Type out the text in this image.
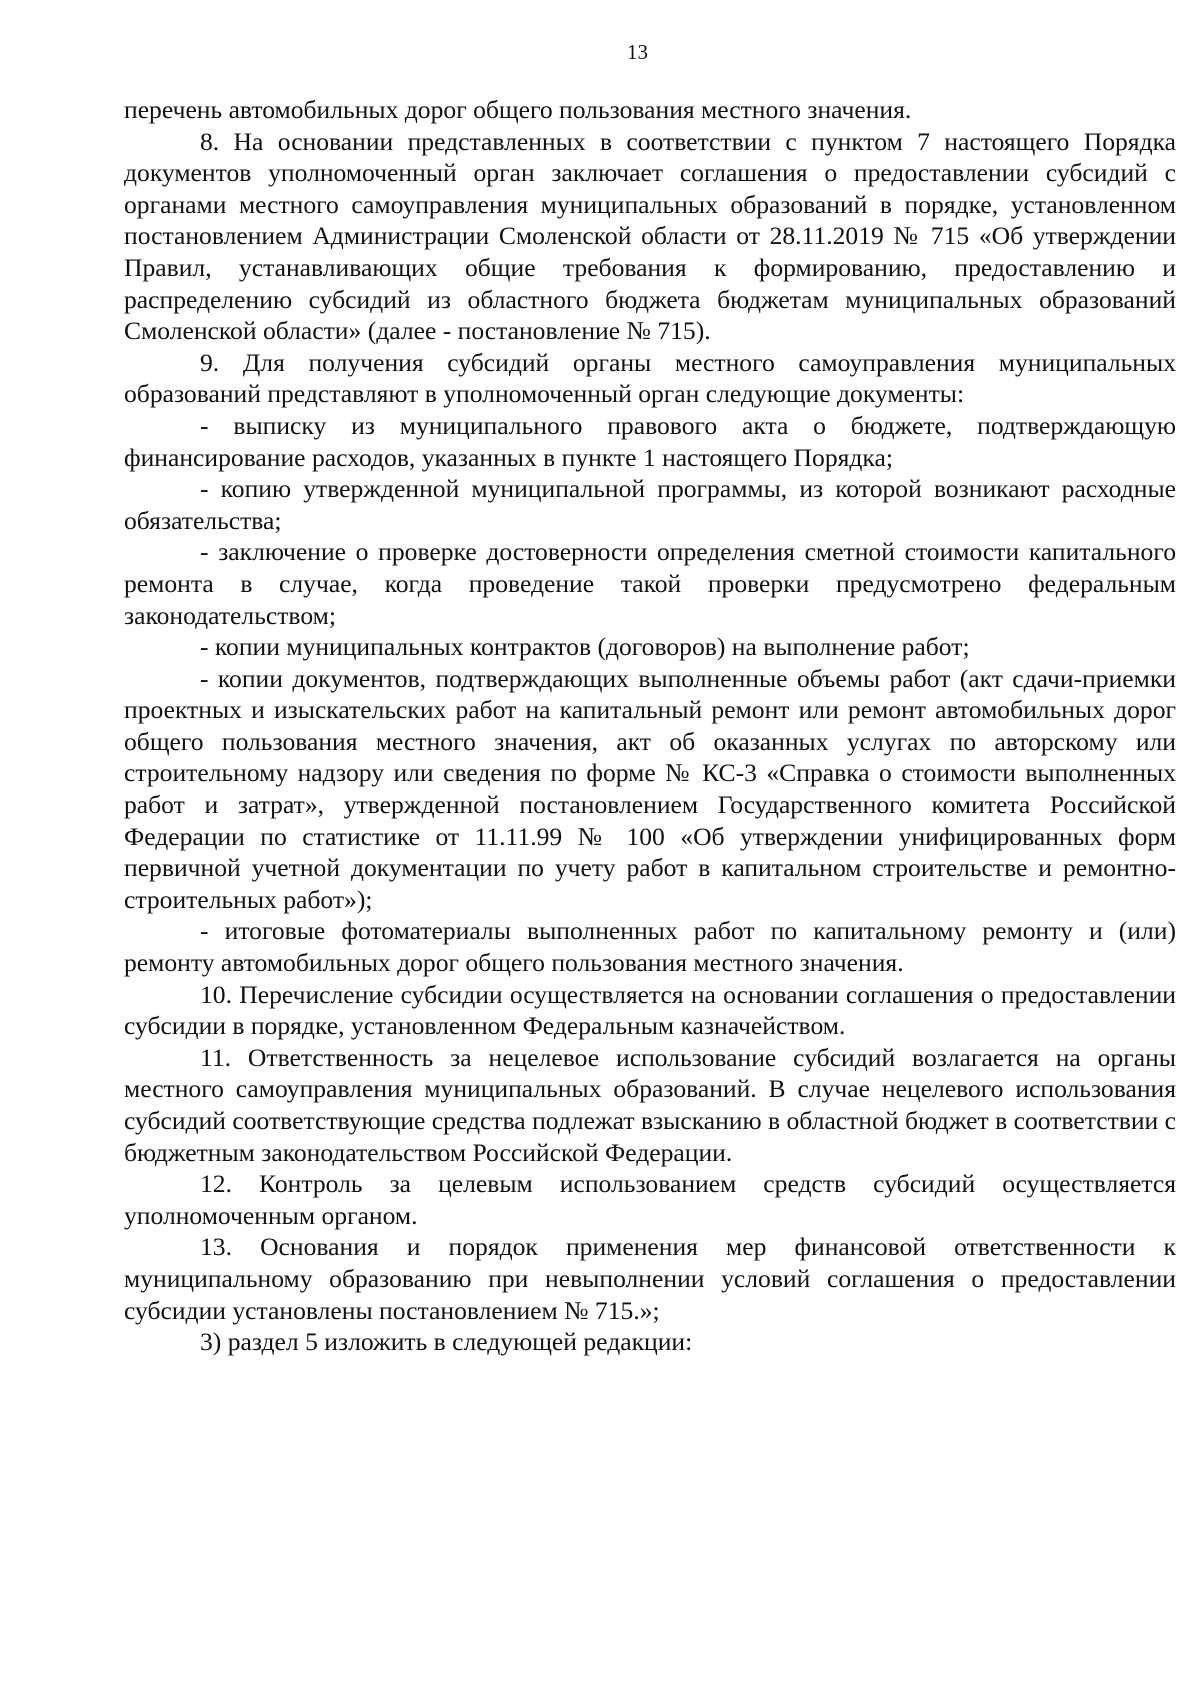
13

перечень автомобильных дорог общего пользования местного значения.

8. На основании представленных в соответствии с пунктом 7 настоящего Порядка документов уполномоченный орган заключает соглашения о предоставлении субсидий с органами местного самоуправления муниципальных образований в порядке, установленном постановлением Администрации Смоленской области от 28.11.2019 № 715 «Об утверждении Правил, устанавливающих общие требования к формированию, предоставлению и распределению субсидий из областного бюджета бюджетам муниципальных образований Смоленской области» (далее - постановление № 715).

9. Для получения субсидий органы местного самоуправления муниципальных образований представляют в уполномоченный орган следующие документы:

- выписку из муниципального правового акта о бюджете, подтверждающую финансирование расходов, указанных в пункте 1 настоящего Порядка;

- копию утвержденной муниципальной программы, из которой возникают расходные обязательства;

- заключение о проверке достоверности определения сметной стоимости капитального ремонта в случае, когда проведение такой проверки предусмотрено федеральным законодательством;

- копии муниципальных контрактов (договоров) на выполнение работ;

- копии документов, подтверждающих выполненные объемы работ (акт сдачи-приемки проектных и изыскательских работ на капитальный ремонт или ремонт автомобильных дорог общего пользования местного значения, акт об оказанных услугах по авторскому или строительному надзору или сведения по форме № КС-3 «Справка о стоимости выполненных работ и затрат», утвержденной постановлением Государственного комитета Российской Федерации по статистике от 11.11.99 № 100 «Об утверждении унифицированных форм первичной учетной документации по учету работ в капитальном строительстве и ремонтно-строительных работ»);

- итоговые фотоматериалы выполненных работ по капитальному ремонту и (или) ремонту автомобильных дорог общего пользования местного значения.

10. Перечисление субсидии осуществляется на основании соглашения о предоставлении субсидии в порядке, установленном Федеральным казначейством.

11. Ответственность за нецелевое использование субсидий возлагается на органы местного самоуправления муниципальных образований. В случае нецелевого использования субсидий соответствующие средства подлежат взысканию в областной бюджет в соответствии с бюджетным законодательством Российской Федерации.

12. Контроль за целевым использованием средств субсидий осуществляется уполномоченным органом.

13. Основания и порядок применения мер финансовой ответственности к муниципальному образованию при невыполнении условий соглашения о предоставлении субсидии установлены постановлением № 715.»;

3) раздел 5 изложить в следующей редакции:
